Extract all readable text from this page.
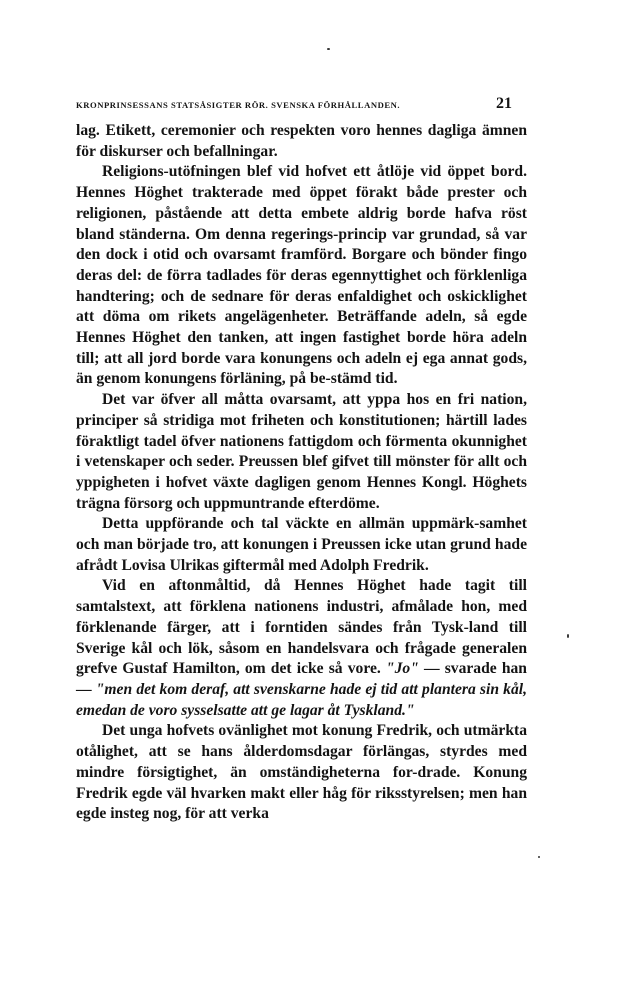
KRONPRINSESSANS STATSÅSIGTER RÖR. SVENSKA FÖRHÅLLANDEN.	21

lag. Etikett, ceremonier och respekten voro hennes dagliga ämnen för diskurser och befallningar.

Religions-utöfningen blef vid hofvet ett åtlöje vid öppet bord. Hennes Höghet trakterade med öppet förakt både prester och religionen, påstående att detta embete aldrig borde hafva röst bland ständerna. Om denna regerings-princip var grundad, så var den dock i otid och ovarsamt framförd. Borgare och bönder fingo deras del: de förra tadlades för deras egennyttighet och förklenliga handtering; och de sednare för deras enfaldighet och oskicklighet att döma om rikets angelägenheter. Beträffande adeln, så egde Hennes Höghet den tanken, att ingen fastighet borde höra adeln till; att all jord borde vara konungens och adeln ej ega annat gods, än genom konungens förläning, på be-stämd tid.

Det var öfver all måtta ovarsamt, att yppa hos en fri nation, principer så stridiga mot friheten och konstitutionen; härtill lades föraktligt tadel öfver nationens fattigdom och förmenta okunnighet i vetenskaper och seder. Preussen blef gifvet till mönster för allt och yppigheten i hofvet växte dagligen genom Hennes Kongl. Höghets trägna försorg och uppmuntrande efterdöme.

Detta uppförande och tal väckte en allmän uppmärk-samhet och man började tro, att konungen i Preussen icke utan grund hade afrådt Lovisa Ulrikas giftermål med Adolph Fredrik.

Vid en aftonmåltid, då Hennes Höghet hade tagit till samtalstext, att förklena nationens industri, afmålade hon, med förklenande färger, att i forntiden sändes från Tysk-land till Sverige kål och lök, såsom en handelsvara och frågade generalen grefve Gustaf Hamilton, om det icke så vore. "Jo" — svarade han — "men det kom deraf, att svenskarne hade ej tid att plantera sin kål, emedan de voro sysselsatte att ge lagar åt Tyskland."

Det unga hofvets ovänlighet mot konung Fredrik, och utmärkta otålighet, att se hans ålderdomsdagar förlängas, styrdes med mindre försigtighet, än omständigheterna for-drade. Konung Fredrik egde väl hvarken makt eller håg för riksstyrelsen; men han egde insteg nog, för att verka
